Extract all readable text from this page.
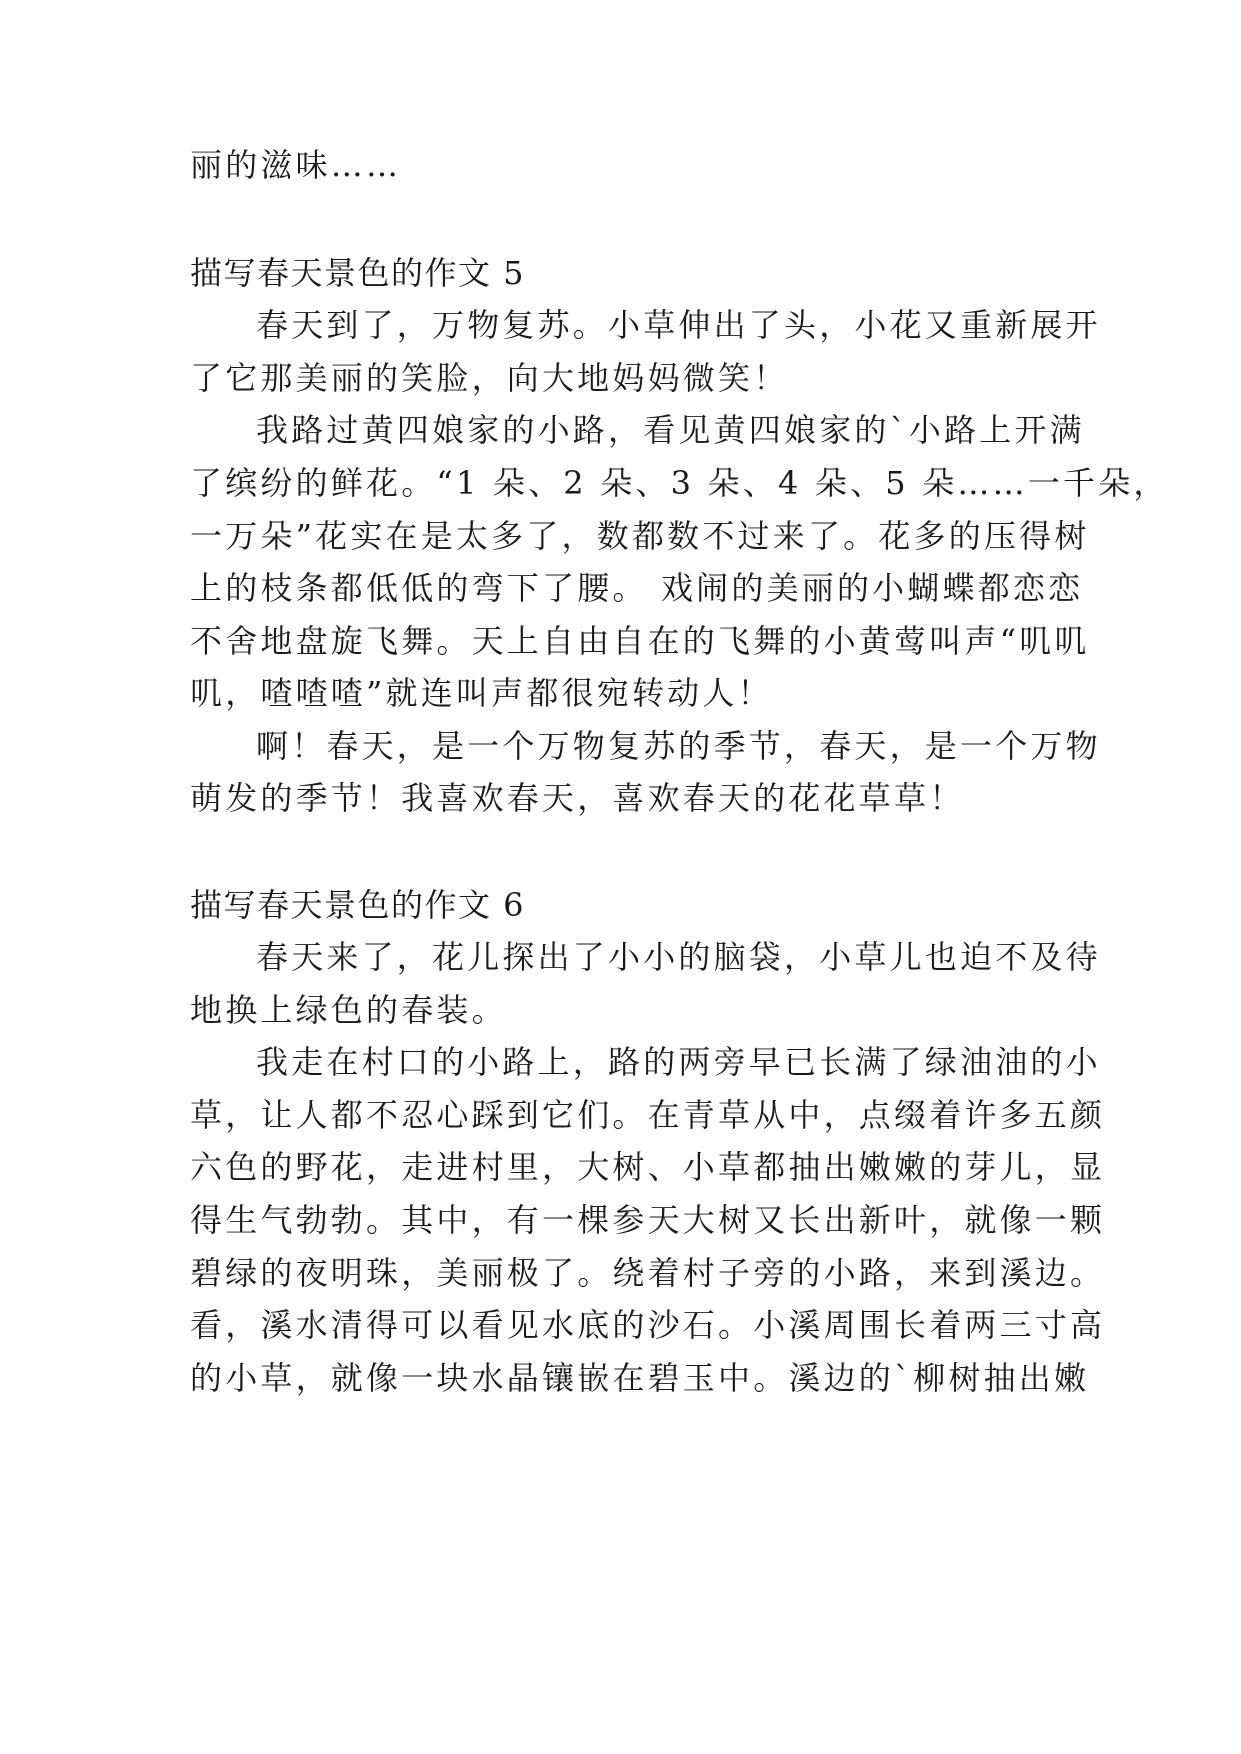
丽的滋味……
描写春天景色的作文 5
春天到了，万物复苏。小草伸出了头，小花又重新展开
了它那美丽的笑脸，向大地妈妈微笑！
我路过黄四娘家的小路，看见黄四娘家的`小路上开满
了缤纷的鲜花。“1 朵、2 朵、3 朵、4 朵、5 朵……一千朵，
一万朵”花实在是太多了，数都数不过来了。花多的压得树
上的枝条都低低的弯下了腰。 戏闹的美丽的小蝴蝶都恋恋
不舍地盘旋飞舞。天上自由自在的飞舞的小黄莺叫声“叽叽
叽，喳喳喳”就连叫声都很宛转动人！
啊！春天，是一个万物复苏的季节，春天，是一个万物
萌发的季节！我喜欢春天，喜欢春天的花花草草！
描写春天景色的作文 6
春天来了，花儿探出了小小的脑袋，小草儿也迫不及待
地换上绿色的春装。
我走在村口的小路上，路的两旁早已长满了绿油油的小
草，让人都不忍心踩到它们。在青草从中，点缀着许多五颜
六色的野花，走进村里，大树、小草都抽出嫩嫩的芽儿，显
得生气勃勃。其中，有一棵参天大树又长出新叶，就像一颗
碧绿的夜明珠，美丽极了。绕着村子旁的小路，来到溪边。
看，溪水清得可以看见水底的沙石。小溪周围长着两三寸高
的小草，就像一块水晶镶嵌在碧玉中。溪边的`柳树抽出嫩
